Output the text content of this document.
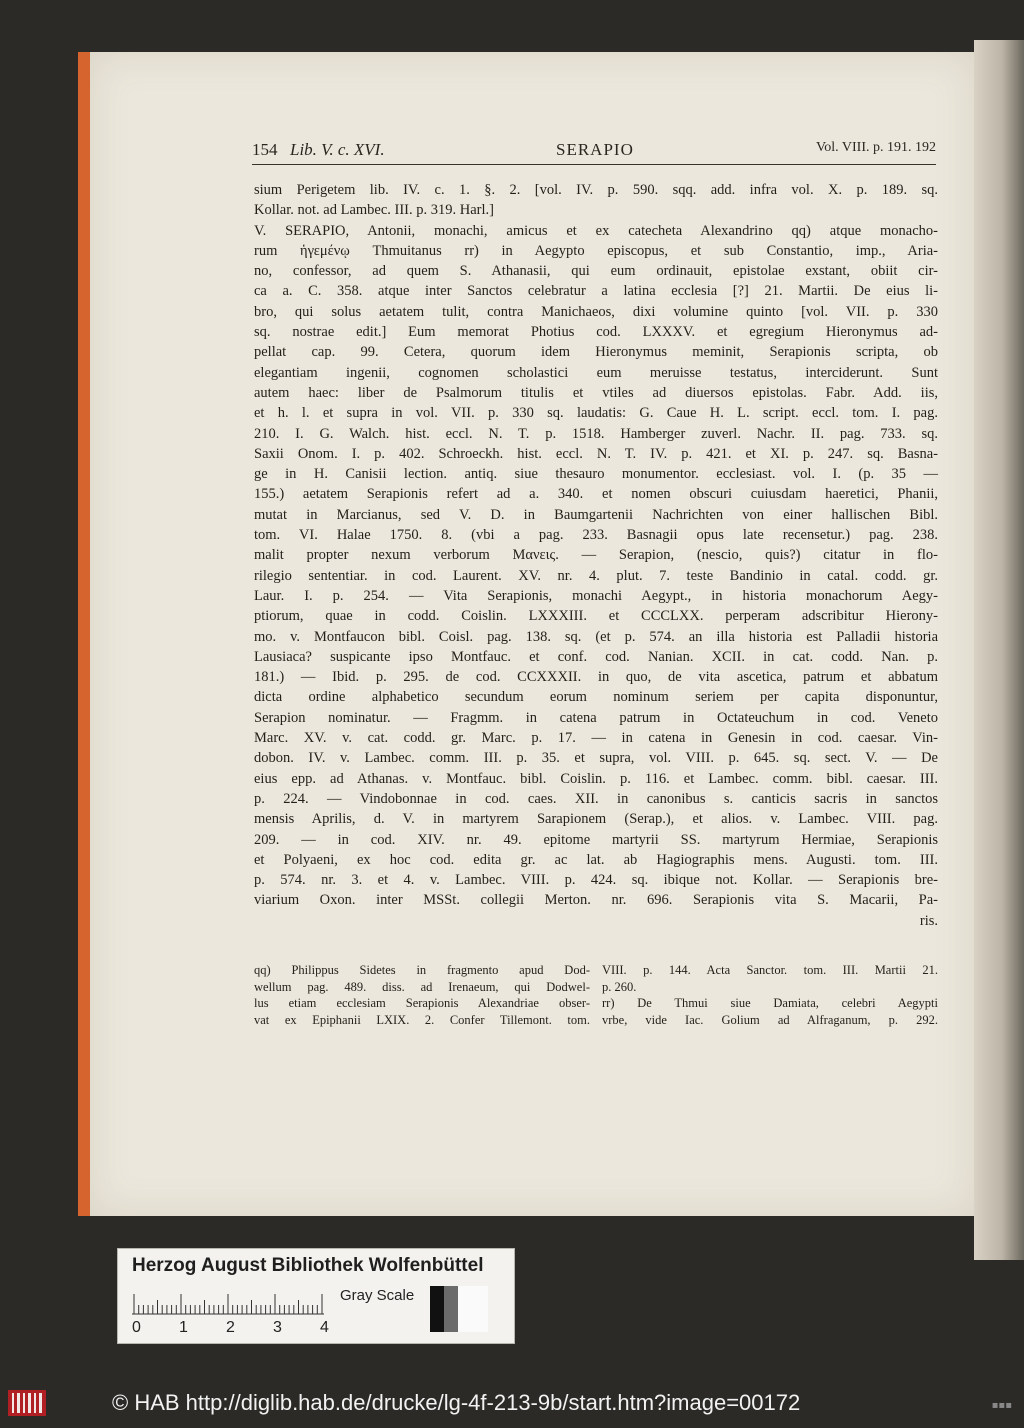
154 Lib. V. c. XVI.	SERAPIO	Vol. VIII. p. 191. 192
sium Perigetem lib. IV. c. 1. §. 2. [vol. IV. p. 590. sqq. add. infra vol. X. p. 189. sq.
Kollar. not. ad Lambec. III. p. 319. Harl.]
V. SERAPIO, Antonii, monachi, amicus et ex catecheta Alexandrino qq) atque monacho-
rum ἡγεμένῳ Thmuitanus rr) in Aegypto episcopus, et sub Constantio, imp., Aria-
no, confessor, ad quem S. Athanasii, qui eum ordinauit, epistolae exstant, obiit cir-
ca a. C. 358. atque inter Sanctos celebratur a latina ecclesia [?] 21. Martii. De eius li-
bro, qui solus aetatem tulit, contra Manichaeos, dixi volumine quinto [vol. VII. p. 330
sq. nostrae edit.] Eum memorat Photius cod. LXXXV. et egregium Hieronymus ad-
pellat cap. 99. Cetera, quorum idem Hieronymus meminit, Serapionis scripta, ob
elegantiam ingenii, cognomen scholastici eum meruisse testatus, interciderunt. Sunt
autem haec: liber de Psalmorum titulis et vtiles ad diuersos epistolas. Fabr. Add. iis,
et h. l. et supra in vol. VII. p. 330 sq. laudatis: G. Caue H. L. script. eccl. tom. I. pag.
210. I. G. Walch. hist. eccl. N. T. p. 1518. Hamberger zuverl. Nachr. II. pag. 733. sq.
Saxii Onom. I. p. 402. Schroeckh. hist. eccl. N. T. IV. p. 421. et XI. p. 247. sq. Basna-
ge in H. Canisii lection. antiq. siue thesauro monumentor. ecclesiast. vol. I. (p. 35 —
155.) aetatem Serapionis refert ad a. 340. et nomen obscuri cuiusdam haeretici, Phanii,
mutat in Marcianus, sed V. D. in Baumgartenii Nachrichten von einer hallischen Bibl.
tom. VI. Halae 1750. 8. (vbi a pag. 233. Basnagii opus late recensetur.) pag. 238.
malit propter nexum verborum Μανεις. — Serapion, (nescio, quis?) citatur in flo-
rilegio sententiar. in cod. Laurent. XV. nr. 4. plut. 7. teste Bandinio in catal. codd. gr.
Laur. I. p. 254. — Vita Serapionis, monachi Aegypt., in historia monachorum Aegy-
ptiorum, quae in codd. Coislin. LXXXIII. et CCCLXX. perperam adscribitur Hierony-
mo. v. Montfaucon bibl. Coisl. pag. 138. sq. (et p. 574. an illa historia est Palladii historia
Lausiaca? suspicante ipso Montfauc. et conf. cod. Nanian. XCII. in cat. codd. Nan. p.
181.) — Ibid. p. 295. de cod. CCXXXII. in quo, de vita ascetica, patrum et abbatum
dicta ordine alphabetico secundum eorum nominum seriem per capita disponuntur,
Serapion nominatur. — Fragmm. in catena patrum in Octateuchum in cod. Veneto
Marc. XV. v. cat. codd. gr. Marc. p. 17. — in catena in Genesin in cod. caesar. Vin-
dobon. IV. v. Lambec. comm. III. p. 35. et supra, vol. VIII. p. 645. sq. sect. V. — De
eius epp. ad Athanas. v. Montfauc. bibl. Coislin. p. 116. et Lambec. comm. bibl. caesar. III.
p. 224. — Vindobonnae in cod. caes. XII. in canonibus s. canticis sacris in sanctos
mensis Aprilis, d. V. in martyrem Sarapionem (Serap.), et alios. v. Lambec. VIII. pag.
209. — in cod. XIV. nr. 49. epitome martyrii SS. martyrum Hermiae, Serapionis
et Polyaeni, ex hoc cod. edita gr. ac lat. ab Hagiographis mens. Augusti. tom. III.
p. 574. nr. 3. et 4. v. Lambec. VIII. p. 424. sq. ibique not. Kollar. — Serapionis bre-
viarium Oxon. inter MSSt. collegii Merton. nr. 696. Serapionis vita S. Macarii, Pa-
ris.
qq) Philippus Sidetes in fragmento apud Dod-
wellum pag. 489. diss. ad Irenaeum, qui Dodwel-
lus etiam ecclesiam Serapionis Alexandriae obser-
vat ex Epiphanii LXIX. 2. Confer Tillemont. tom.
VIII. p. 144. Acta Sanctor. tom. III. Martii 21.
p. 260.
rr) De Thmui siue Damiata, celebri Aegypti
vrbe, vide Iac. Golium ad Alfraganum, p. 292.
Herzog August Bibliothek Wolfenbüttel
Gray Scale
0 1 2 3 4
© HAB http://diglib.hab.de/drucke/lg-4f-213-9b/start.htm?image=00172	▪▪▪
